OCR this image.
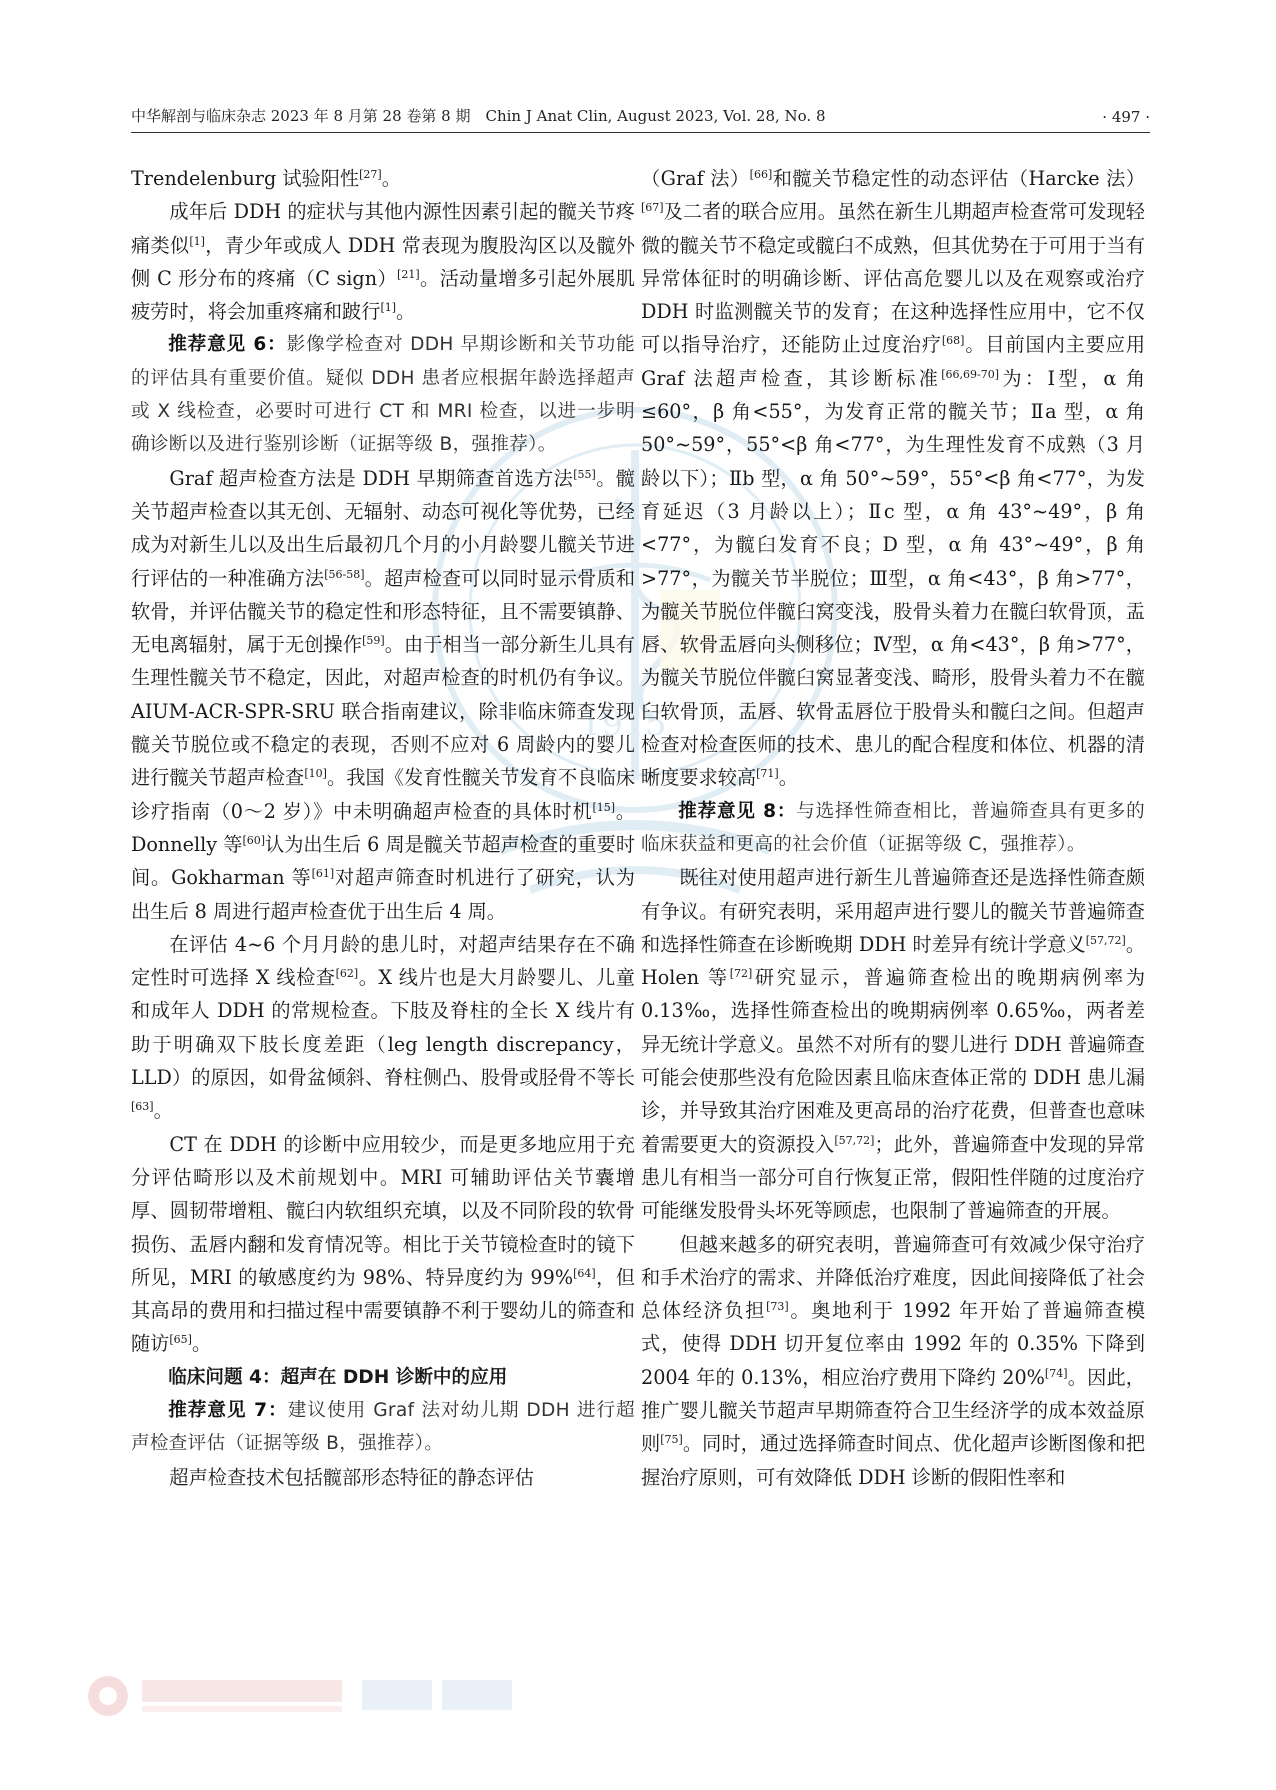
中华解剖与临床杂志 2023 年 8 月第 28 卷第 8 期　Chin J Anat Clin, August 2023, Vol. 28, No. 8	· 497 ·
1915

Trendelenburg 试验阳性[27]。

成年后 DDH 的症状与其他内源性因素引起的髋关节疼痛类似[1]，青少年或成人 DDH 常表现为腹股沟区以及髋外侧 C 形分布的疼痛（C sign）[21]。活动量增多引起外展肌疲劳时，将会加重疼痛和跛行[1]。

推荐意见 6：影像学检查对 DDH 早期诊断和关节功能的评估具有重要价值。疑似 DDH 患者应根据年龄选择超声或 X 线检查，必要时可进行 CT 和 MRI 检查，以进一步明确诊断以及进行鉴别诊断（证据等级 B，强推荐）。

Graf 超声检查方法是 DDH 早期筛查首选方法[55]。髋关节超声检查以其无创、无辐射、动态可视化等优势，已经成为对新生儿以及出生后最初几个月的小月龄婴儿髋关节进行评估的一种准确方法[56-58]。超声检查可以同时显示骨质和软骨，并评估髋关节的稳定性和形态特征，且不需要镇静、无电离辐射，属于无创操作[59]。由于相当一部分新生儿具有生理性髋关节不稳定，因此，对超声检查的时机仍有争议。AIUM-ACR-SPR-SRU 联合指南建议，除非临床筛查发现髋关节脱位或不稳定的表现，否则不应对 6 周龄内的婴儿进行髋关节超声检查[10]。我国《发育性髋关节发育不良临床诊疗指南（0～2 岁）》中未明确超声检查的具体时机[15]。Donnelly 等[60]认为出生后 6 周是髋关节超声检查的重要时间。Gokharman 等[61]对超声筛查时机进行了研究，认为出生后 8 周进行超声检查优于出生后 4 周。

在评估 4~6 个月月龄的患儿时，对超声结果存在不确定性时可选择 X 线检查[62]。X 线片也是大月龄婴儿、儿童和成年人 DDH 的常规检查。下肢及脊柱的全长 X 线片有助于明确双下肢长度差距（leg length discrepancy，LLD）的原因，如骨盆倾斜、脊柱侧凸、股骨或胫骨不等长[63]。

CT 在 DDH 的诊断中应用较少，而是更多地应用于充分评估畸形以及术前规划中。MRI 可辅助评估关节囊增厚、圆韧带增粗、髋臼内软组织充填，以及不同阶段的软骨损伤、盂唇内翻和发育情况等。相比于关节镜检查时的镜下所见，MRI 的敏感度约为 98%、特异度约为 99%[64]，但其高昂的费用和扫描过程中需要镇静不利于婴幼儿的筛查和随访[65]。

临床问题 4：超声在 DDH 诊断中的应用

推荐意见 7：建议使用 Graf 法对幼儿期 DDH 进行超声检查评估（证据等级 B，强推荐）。

超声检查技术包括髋部形态特征的静态评估

（Graf 法）[66]和髋关节稳定性的动态评估（Harcke 法）[67]及二者的联合应用。虽然在新生儿期超声检查常可发现轻微的髋关节不稳定或髋臼不成熟，但其优势在于可用于当有异常体征时的明确诊断、评估高危婴儿以及在观察或治疗 DDH 时监测髋关节的发育；在这种选择性应用中，它不仅可以指导治疗，还能防止过度治疗[68]。目前国内主要应用 Graf 法超声检查，其诊断标准[66,69-70]为：Ⅰ型，α 角≤60°，β 角<55°，为发育正常的髋关节；Ⅱa 型，α 角 50°~59°，55°<β 角<77°，为生理性发育不成熟（3 月龄以下）；Ⅱb 型，α 角 50°~59°，55°<β 角<77°，为发育延迟（3 月龄以上）；Ⅱc 型，α 角 43°~49°，β 角<77°，为髋臼发育不良；D 型，α 角 43°~49°，β 角>77°，为髋关节半脱位；Ⅲ型，α 角<43°，β 角>77°，为髋关节脱位伴髋臼窝变浅，股骨头着力在髋臼软骨顶，盂唇、软骨盂唇向头侧移位；Ⅳ型，α 角<43°，β 角>77°，为髋关节脱位伴髋臼窝显著变浅、畸形，股骨头着力不在髋臼软骨顶，盂唇、软骨盂唇位于股骨头和髋臼之间。但超声检查对检查医师的技术、患儿的配合程度和体位、机器的清晰度要求较高[71]。

推荐意见 8：与选择性筛查相比，普遍筛查具有更多的临床获益和更高的社会价值（证据等级 C，强推荐）。

既往对使用超声进行新生儿普遍筛查还是选择性筛查颇有争议。有研究表明，采用超声进行婴儿的髋关节普遍筛查和选择性筛查在诊断晚期 DDH 时差异有统计学意义[57,72]。Holen 等[72]研究显示，普遍筛查检出的晚期病例率为 0.13‰，选择性筛查检出的晚期病例率 0.65‰，两者差异无统计学意义。虽然不对所有的婴儿进行 DDH 普遍筛查可能会使那些没有危险因素且临床查体正常的 DDH 患儿漏诊，并导致其治疗困难及更高昂的治疗花费，但普查也意味着需要更大的资源投入[57,72]；此外，普遍筛查中发现的异常患儿有相当一部分可自行恢复正常，假阳性伴随的过度治疗可能继发股骨头坏死等顾虑，也限制了普遍筛查的开展。

但越来越多的研究表明，普遍筛查可有效减少保守治疗和手术治疗的需求、并降低治疗难度，因此间接降低了社会总体经济负担[73]。奥地利于 1992 年开始了普遍筛查模式，使得 DDH 切开复位率由 1992 年的 0.35% 下降到 2004 年的 0.13%，相应治疗费用下降约 20%[74]。因此，推广婴儿髋关节超声早期筛查符合卫生经济学的成本效益原则[75]。同时，通过选择筛查时间点、优化超声诊断图像和把握治疗原则，可有效降低 DDH 诊断的假阳性率和
